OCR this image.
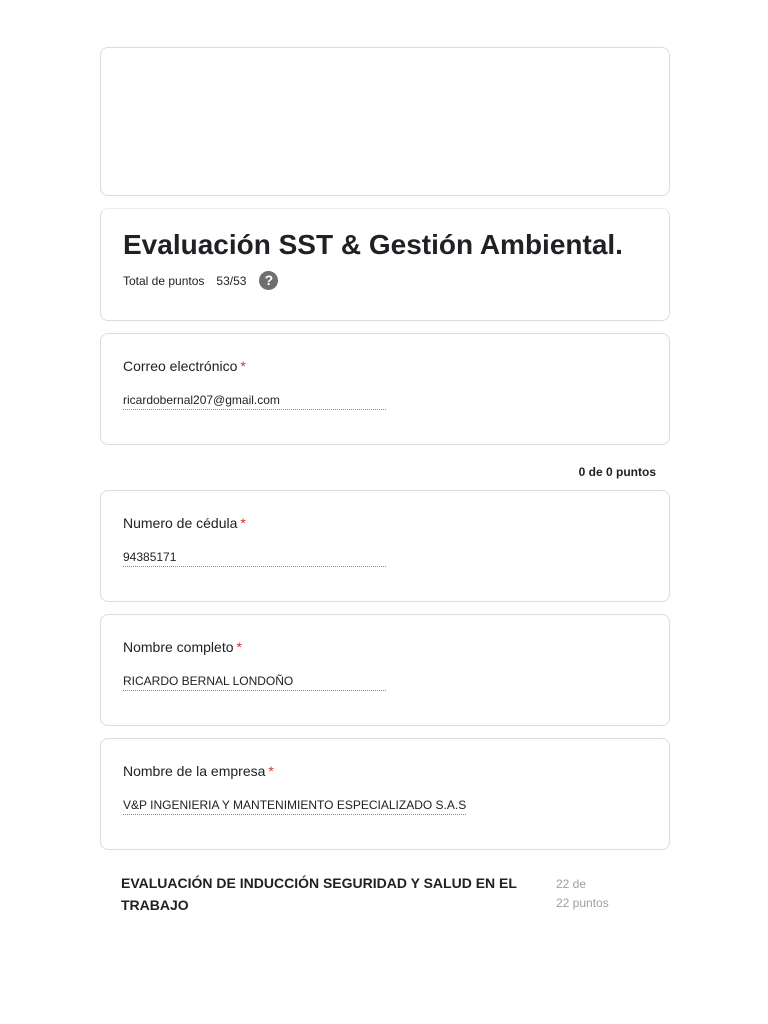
Evaluación SST & Gestión Ambiental.
Total de puntos 53/53	?
Correo electrónico *
ricardobernal207@gmail.com
0 de 0 puntos
Numero de cédula *
94385171
Nombre completo *
RICARDO BERNAL LONDOÑO
Nombre de la empresa *
V&P INGENIERIA Y MANTENIMIENTO ESPECIALIZADO S.A.S
EVALUACIÓN DE INDUCCIÓN SEGURIDAD Y SALUD EN EL TRABAJO
22 de
22 puntos
